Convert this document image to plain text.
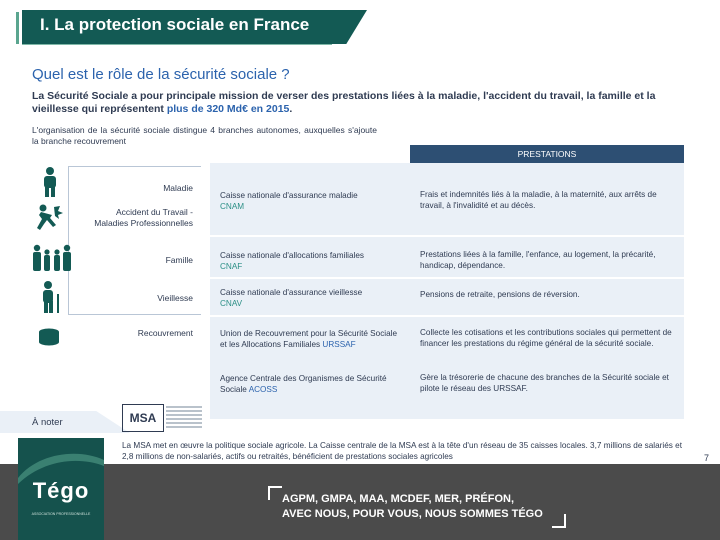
I. La protection sociale en France
Quel est le rôle de la sécurité sociale ?
La Sécurité Sociale a pour principale mission de verser des prestations liées à la maladie, l'accident du travail, la famille et la vieillesse qui représentent plus de 320 Md€ en 2015.
L'organisation de la sécurité sociale distingue 4 branches autonomes, auxquelles s'ajoute la branche recouvrement
PRESTATIONS
Maladie
Accident du Travail -
Maladies Professionnelles
Famille
Vieillesse
Recouvrement
Caisse nationale d'assurance maladie
CNAM
Caisse nationale d'allocations familiales
CNAF
Caisse nationale d'assurance vieillesse
CNAV
Union de Recouvrement pour la Sécurité Sociale et les Allocations Familiales URSSAF
Agence Centrale des Organismes de Sécurité Sociale ACOSS
Frais et indemnités liés à la maladie, à la maternité, aux arrêts de travail, à l'invalidité et au décès.
Prestations liées à la famille, l'enfance, au logement, la précarité, handicap, dépendance.
Pensions de retraite, pensions de réversion.
Collecte les cotisations et les contributions sociales qui permettent de financer les prestations du régime général de la sécurité sociale.
Gère la trésorerie de chacune des branches de la Sécurité sociale et pilote le réseau des URSSAF.
À noter	MSA
La MSA met en œuvre la politique sociale agricole. La Caisse centrale de la MSA est à la tête d'un réseau de 35 caisses locales. 3,7 millions de salariés et 2,8 millions de non-salariés, actifs ou retraités, bénéficient de prestations sociales agricoles	7
Tégo
ASSOCIATION PROFESSIONNELLE
AGPM, GMPA, MAA, MCDEF, MER, PRÉFON,
AVEC NOUS, POUR VOUS, NOUS SOMMES TÉGO
